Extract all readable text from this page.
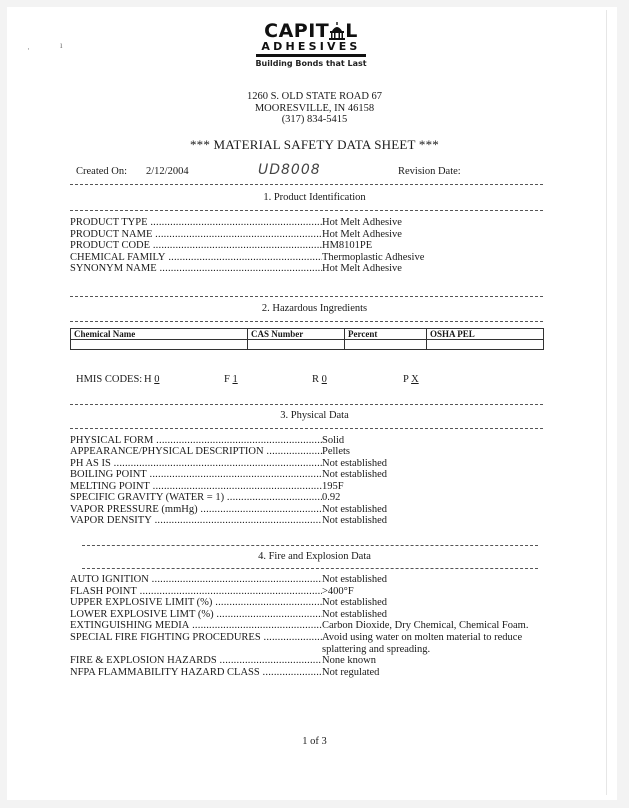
·	ı
CAPIT L
ADHESIVES
Building Bonds that Last
1260 S. OLD STATE ROAD 67
MOORESVILLE, IN 46158
(317) 834-5415
*** MATERIAL SAFETY DATA SHEET ***
Created On: 2/12/2004	UD8008	Revision Date:
1. Product Identification
PRODUCT TYPE .....	Hot Melt Adhesive
PRODUCT NAME .....	Hot Melt Adhesive
PRODUCT CODE .....	HM8101PE
CHEMICAL FAMILY .....	Thermoplastic Adhesive
SYNONYM NAME .....	Hot Melt Adhesive
2. Hazardous Ingredients
Chemical Name	CAS Number	Percent	OSHA PEL

HMIS CODES: H 0	F 1	R 0	P X
3. Physical Data
PHYSICAL FORM .....	Solid
APPEARANCE/PHYSICAL DESCRIPTION .....	Pellets
PH AS IS .....	Not established
BOILING POINT .....	Not established
MELTING POINT .....	195F
SPECIFIC GRAVITY (WATER = 1) .....	0.92
VAPOR PRESSURE (mmHg) .....	Not established
VAPOR DENSITY .....	Not established
4. Fire and Explosion Data
AUTO IGNITION .....	Not established
FLASH POINT .....	>400°F
UPPER EXPLOSIVE LIMIT (%) .....	Not established
LOWER EXPLOSIVE LIMT (%) .....	Not established
EXTINGUISHING MEDIA .....	Carbon Dioxide, Dry Chemical, Chemical Foam.
SPECIAL FIRE FIGHTING PROCEDURES .....	Avoid using water on molten material to reduce
splattering and spreading.
FIRE & EXPLOSION HAZARDS .....	None known
NFPA FLAMMABILITY HAZARD CLASS .....	Not regulated
1 of 3
